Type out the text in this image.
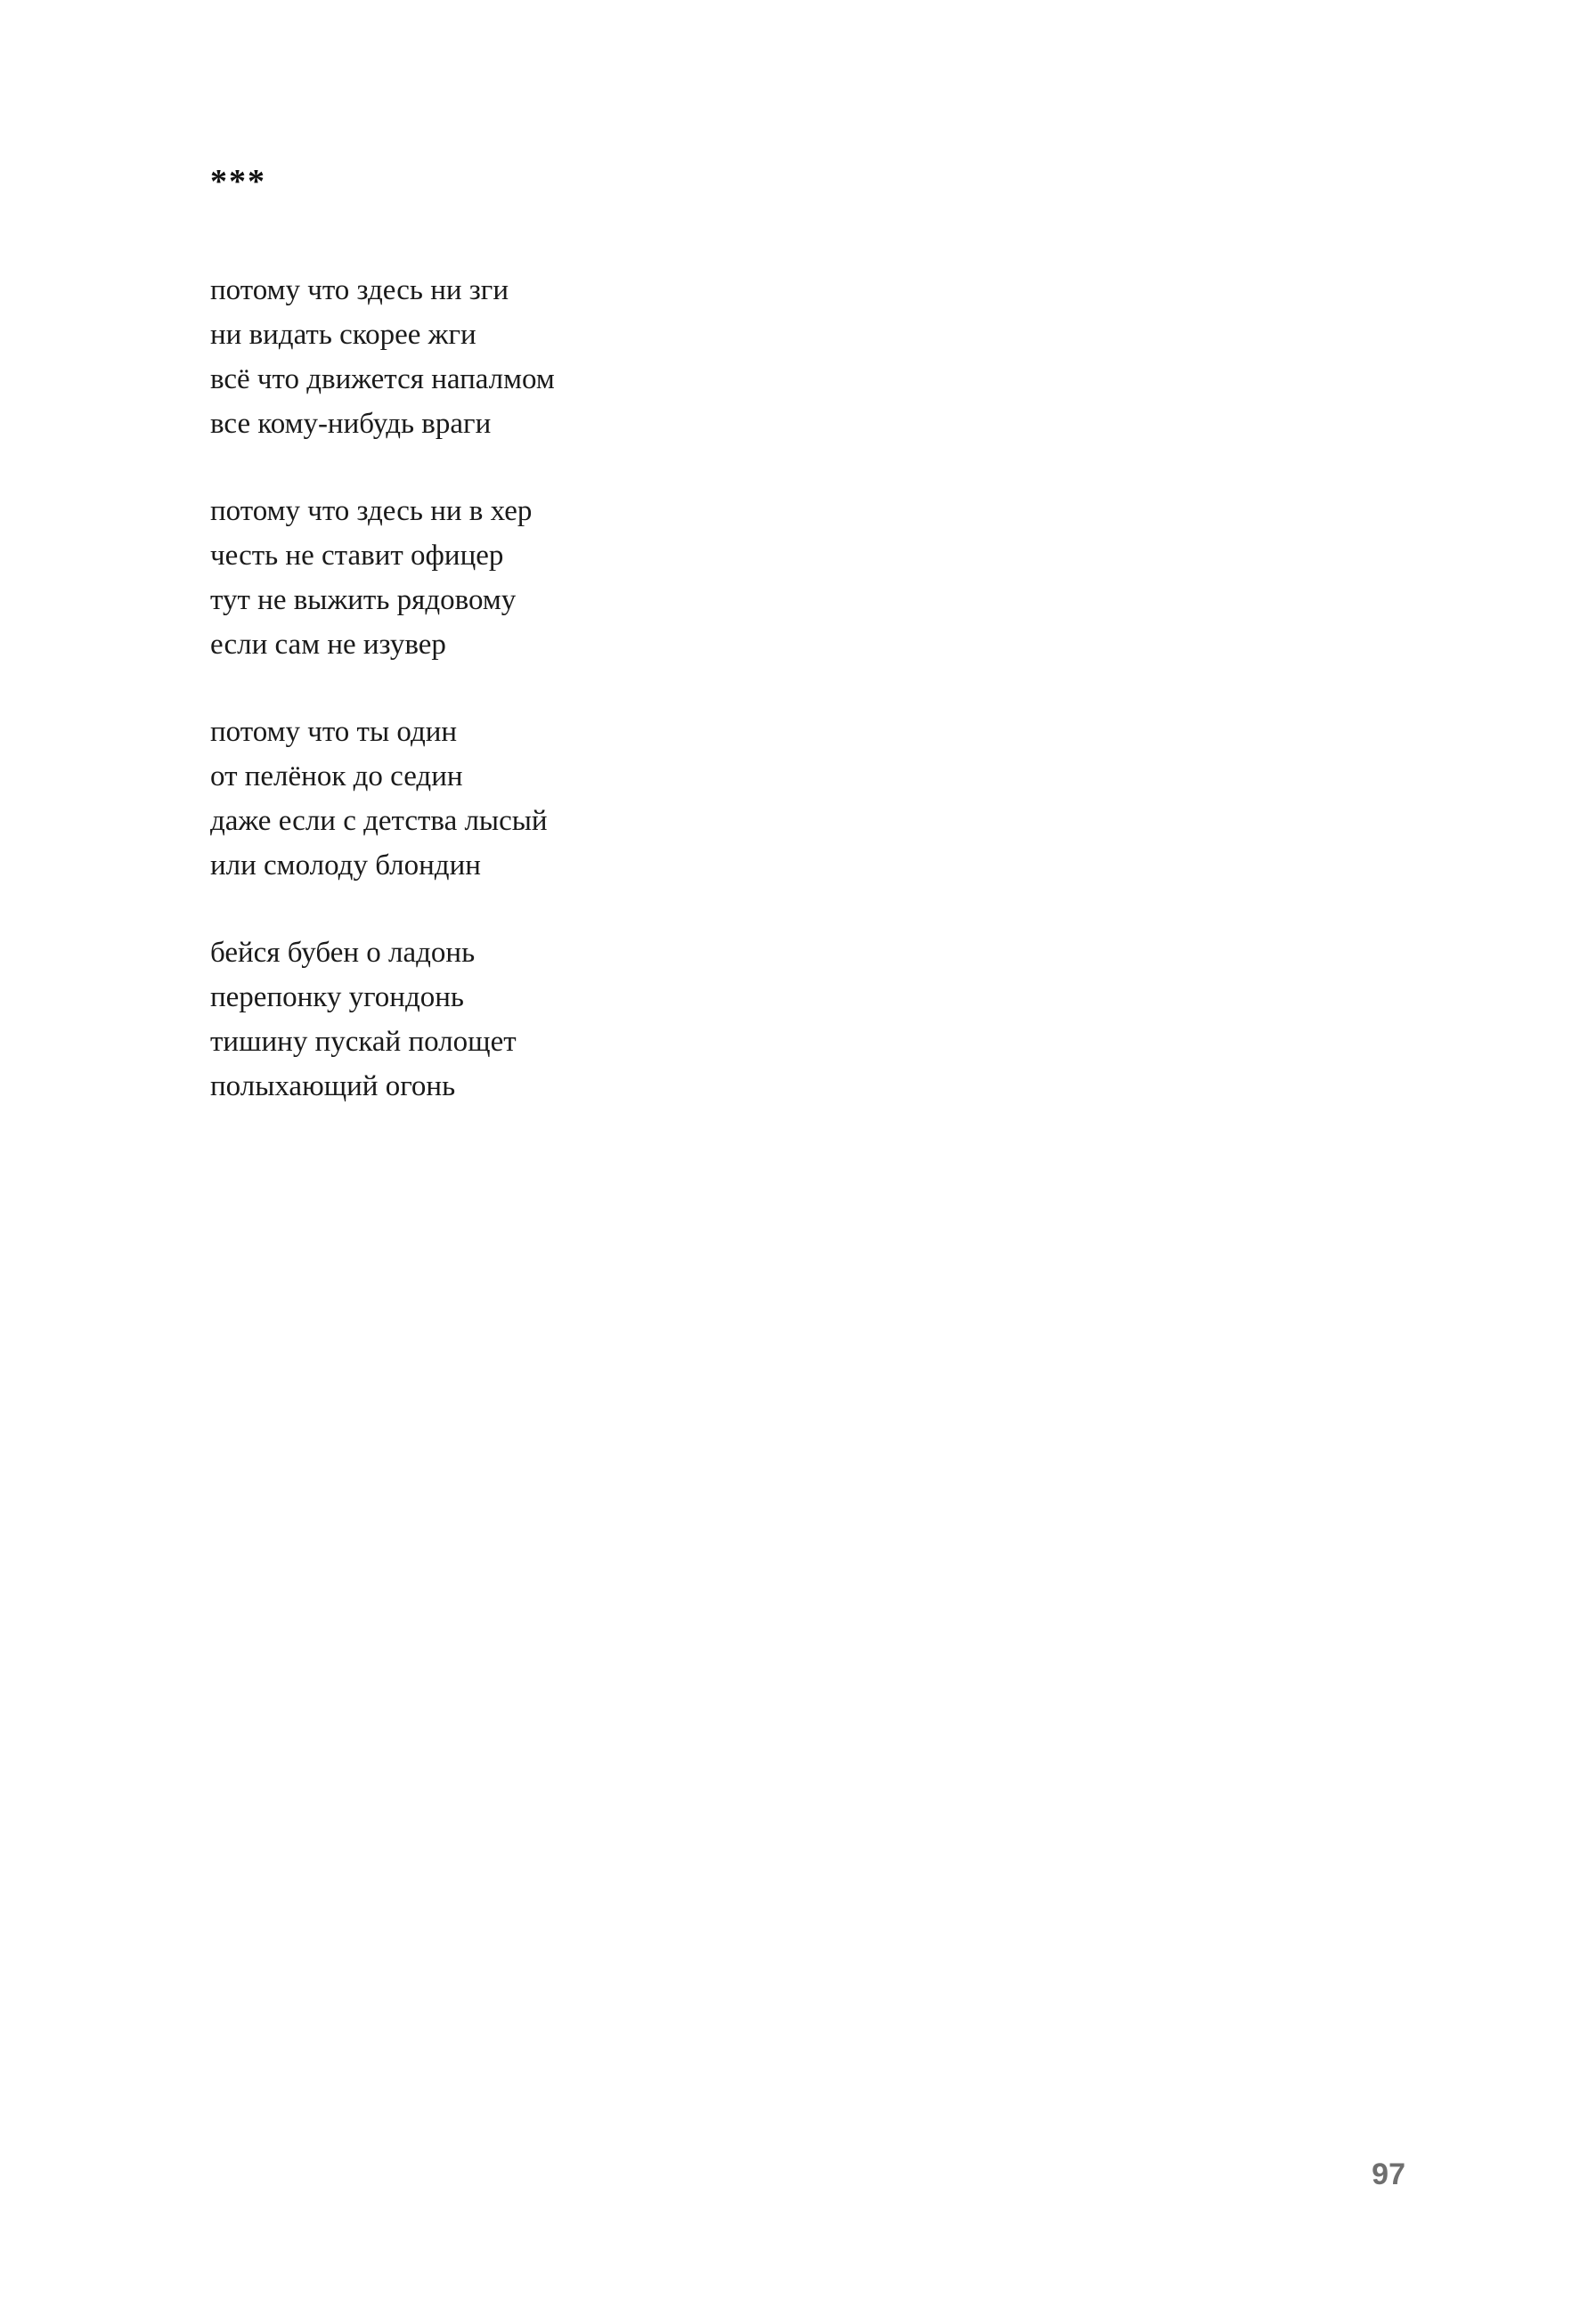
***
потому что здесь ни зги
ни видать скорее жги
всё что движется напалмом
все кому-нибудь враги
потому что здесь ни в хер
честь не ставит офицер
тут не выжить рядовому
если сам не изувер
потому что ты один
от пелёнок до седин
даже если с детства лысый
или смолоду блондин
бейся бубен о ладонь
перепонку угондонь
тишину пускай полощет
полыхающий огонь
97
